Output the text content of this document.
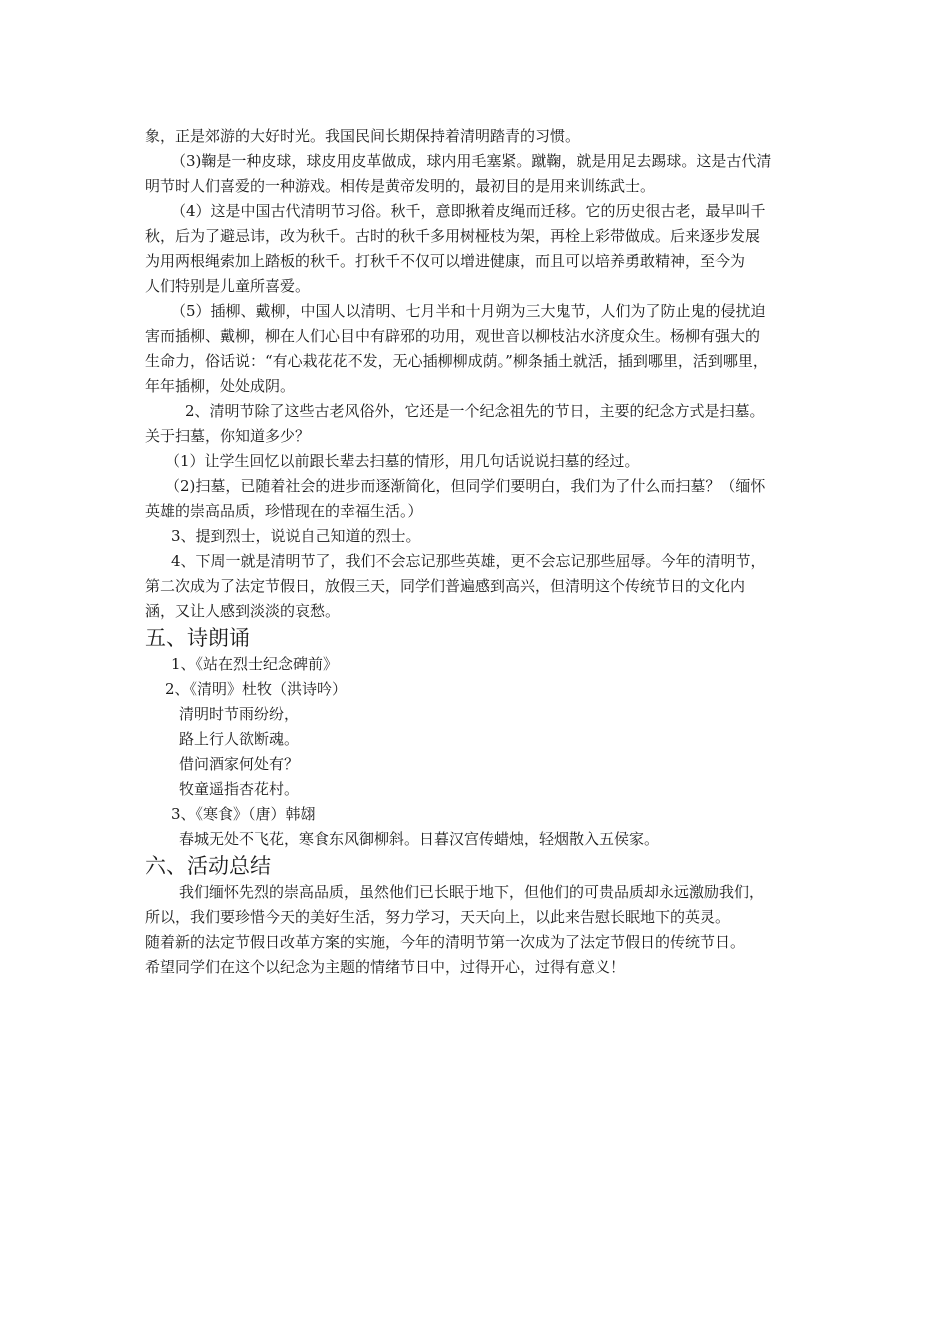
象，正是郊游的大好时光。我国民间长期保持着清明踏青的习惯。
（3)鞠是一种皮球，球皮用皮革做成，球内用毛塞紧。蹴鞠，就是用足去踢球。这是古代清
明节时人们喜爱的一种游戏。相传是黄帝发明的，最初目的是用来训练武士。
（4）这是中国古代清明节习俗。秋千，意即揪着皮绳而迁移。它的历史很古老，最早叫千
秋，后为了避忌讳，改为秋千。古时的秋千多用树桠枝为架，再栓上彩带做成。后来逐步发展
为用两根绳索加上踏板的秋千。打秋千不仅可以增进健康，而且可以培养勇敢精神，至今为
人们特别是儿童所喜爱。
（5）插柳、戴柳，中国人以清明、七月半和十月朔为三大鬼节，人们为了防止鬼的侵扰迫
害而插柳、戴柳，柳在人们心目中有辟邪的功用，观世音以柳枝沾水济度众生。杨柳有强大的
生命力，俗话说：“有心栽花花不发，无心插柳柳成荫。”柳条插土就活，插到哪里，活到哪里，
年年插柳，处处成阴。
2、清明节除了这些古老风俗外，它还是一个纪念祖先的节日，主要的纪念方式是扫墓。
关于扫墓，你知道多少？
（1）让学生回忆以前跟长辈去扫墓的情形，用几句话说说扫墓的经过。
（2)扫墓，已随着社会的进步而逐渐简化，但同学们要明白，我们为了什么而扫墓？（缅怀
英雄的崇高品质，珍惜现在的幸福生活。）
3、提到烈士，说说自己知道的烈士。
4、下周一就是清明节了，我们不会忘记那些英雄，更不会忘记那些屈辱。今年的清明节，
第二次成为了法定节假日，放假三天，同学们普遍感到高兴，但清明这个传统节日的文化内
涵，又让人感到淡淡的哀愁。
五、诗朗诵
1、《站在烈士纪念碑前》
2、《清明》杜牧（洪诗吟）
清明时节雨纷纷，
路上行人欲断魂。
借问酒家何处有？
牧童遥指杏花村。
3、《寒食》（唐）韩翃
春城无处不飞花，寒食东风御柳斜。日暮汉宫传蜡烛，轻烟散入五侯家。
六、活动总结
我们缅怀先烈的崇高品质，虽然他们已长眠于地下，但他们的可贵品质却永远激励我们，
所以，我们要珍惜今天的美好生活，努力学习，天天向上，以此来告慰长眠地下的英灵。
随着新的法定节假日改革方案的实施，今年的清明节第一次成为了法定节假日的传统节日。
希望同学们在这个以纪念为主题的情绪节日中，过得开心，过得有意义！
